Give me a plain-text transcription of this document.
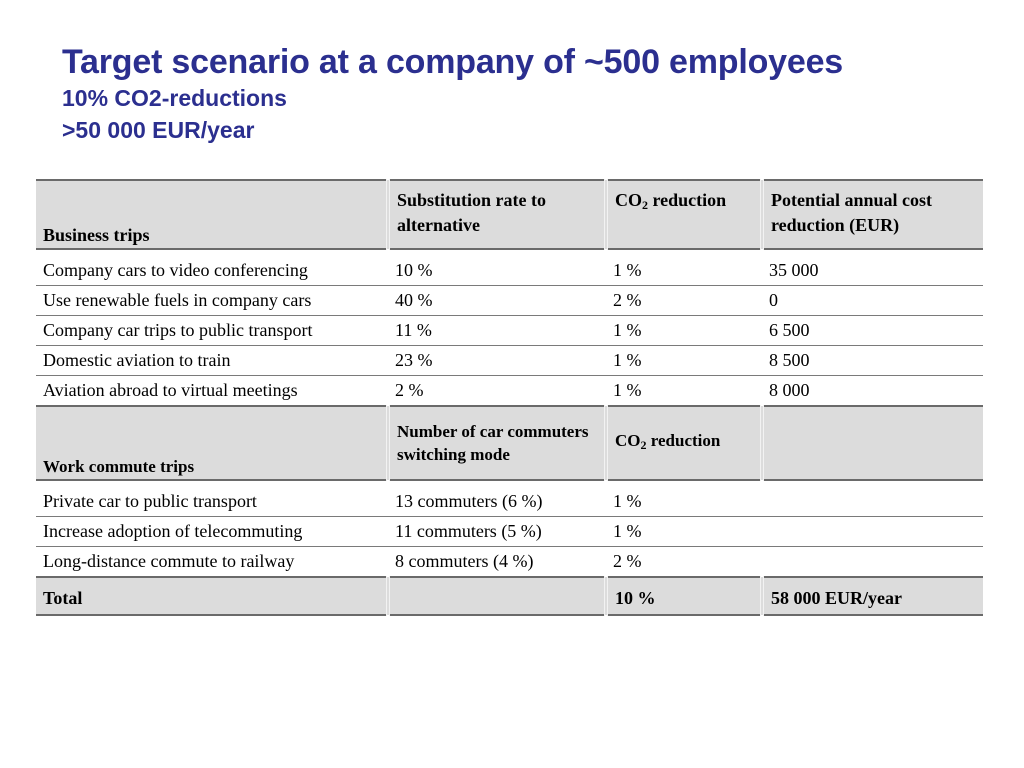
Target scenario at a company of ~500 employees
10% CO2-reductions
>50 000 EUR/year
Business trips	Substitution rate to alternative	$CO_2$ reduction	Potential annual cost reduction (EUR)
Company cars to video conferencing	10 %	1 %	35 000
Use renewable fuels in company cars	40 %	2 %	0
Company car trips to public transport	11 %	1 %	6 500
Domestic aviation to train	23 %	1 %	8 500
Aviation abroad to virtual meetings	2 %	1 %	8 000
Work commute trips	Number of car commuters switching mode	$CO_2$ reduction	
Private car to public transport	13 commuters (6 %)	1 %	
Increase adoption of telecommuting	11 commuters (5 %)	1 %	
Long-distance commute to railway	8 commuters (4 %)	2 %	
Total		10 %	58 000 EUR/year
